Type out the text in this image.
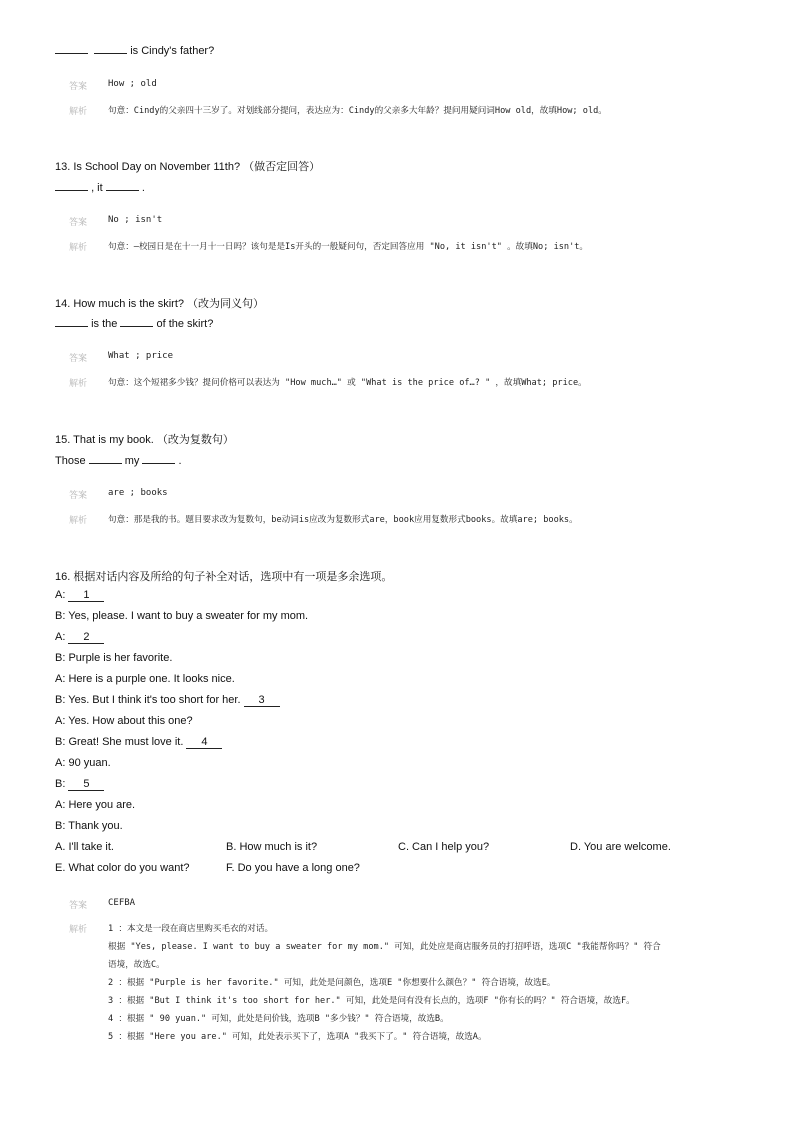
is Cindy's father?
答案 How ; old
解析 句意：Cindy的父亲四十三岁了。对划线部分提问，表达应为：Cindy的父亲多大年龄？提问用疑问词How old，故填How; old。
13. Is School Day on November 11th? （做否定回答）
, it	.
答案 No ; isn't
解析 句意：—校园日是在十一月十一日吗？该句是是Is开头的一般疑问句，否定回答应用 "No, it isn't" 。故填No; isn't。
14. How much is the skirt? （改为同义句）
is the	of the skirt?
答案 What ; price
解析 句意：这个短裙多少钱？提问价格可以表达为 "How much…" 或 "What is the price of…? " ，故填What; price。
15. That is my book. （改为复数句）
Those	my	.
答案 are ; books
解析 句意：那是我的书。题目要求改为复数句，be动词is应改为复数形式are，book应用复数形式books。故填are; books。
16. 根据对话内容及所给的句子补全对话，选项中有一项是多余选项。
A: 1
B: Yes, please. I want to buy a sweater for my mom.
A: 2
B: Purple is her favorite.
A: Here is a purple one. It looks nice.
B: Yes. But I think it's too short for her. 3
A: Yes. How about this one?
B: Great! She must love it. 4
A: 90 yuan.
B: 5
A: Here you are.
B: Thank you.
A. I'll take it.	B. How much is it?	C. Can I help you?	D. You are welcome.
E. What color do you want?	F. Do you have a long one?
答案 CEFBA
解析 1 ：本文是一段在商店里购买毛衣的对话。
根据 "Yes, please. I want to buy a sweater for my mom." 可知，此处应是商店服务员的打招呼语，选项C "我能帮你吗？" 符合
语境，故选C。
2 ：根据 "Purple is her favorite." 可知，此处是问颜色，选项E "你想要什么颜色？" 符合语境，故选E。
3 ：根据 "But I think it's too short for her." 可知，此处是问有没有长点的，选项F "你有长的吗？" 符合语境，故选F。
4 ：根据 " 90 yuan." 可知，此处是问价钱，选项B "多少钱？" 符合语境，故选B。
5 ：根据 "Here you are." 可知，此处表示买下了，选项A "我买下了。" 符合语境，故选A。
